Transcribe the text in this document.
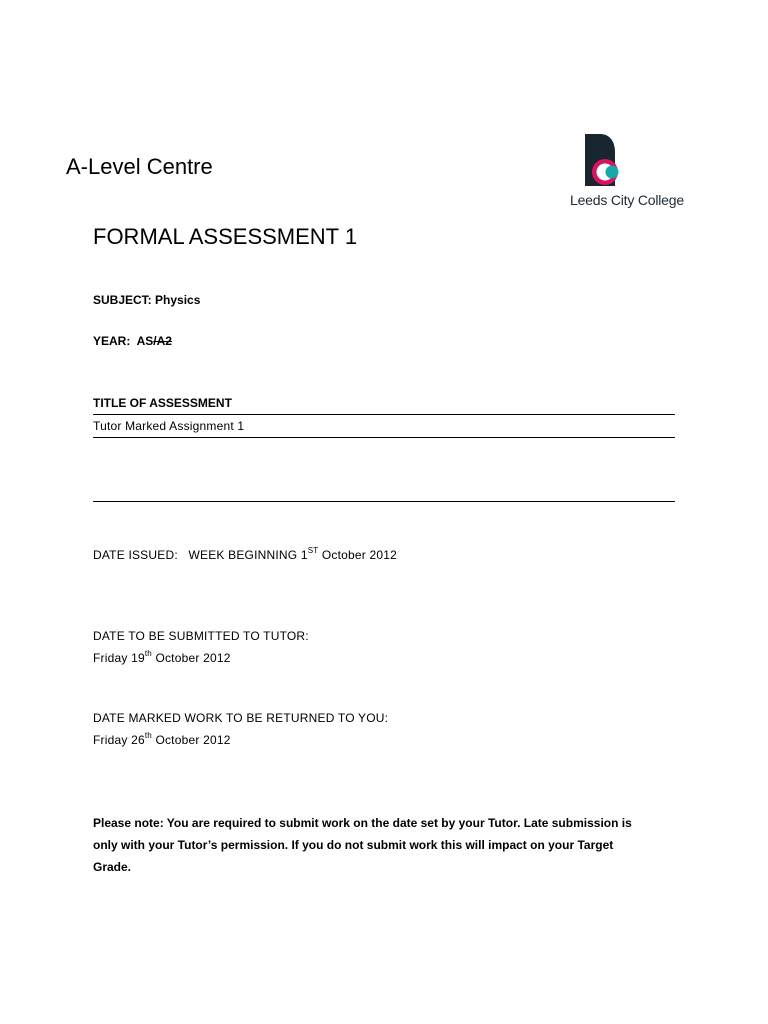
A-Level Centre
Leeds City College
FORMAL ASSESSMENT 1
SUBJECT: Physics
YEAR: AS/A2
TITLE OF ASSESSMENT
Tutor Marked Assignment 1
DATE ISSUED: WEEK BEGINNING 1ST October 2012
DATE TO BE SUBMITTED TO TUTOR:
Friday 19th October 2012
DATE MARKED WORK TO BE RETURNED TO YOU:
Friday 26th October 2012
Please note: You are required to submit work on the date set by your Tutor. Late submission is only with your Tutor’s permission. If you do not submit work this will impact on your Target Grade.
